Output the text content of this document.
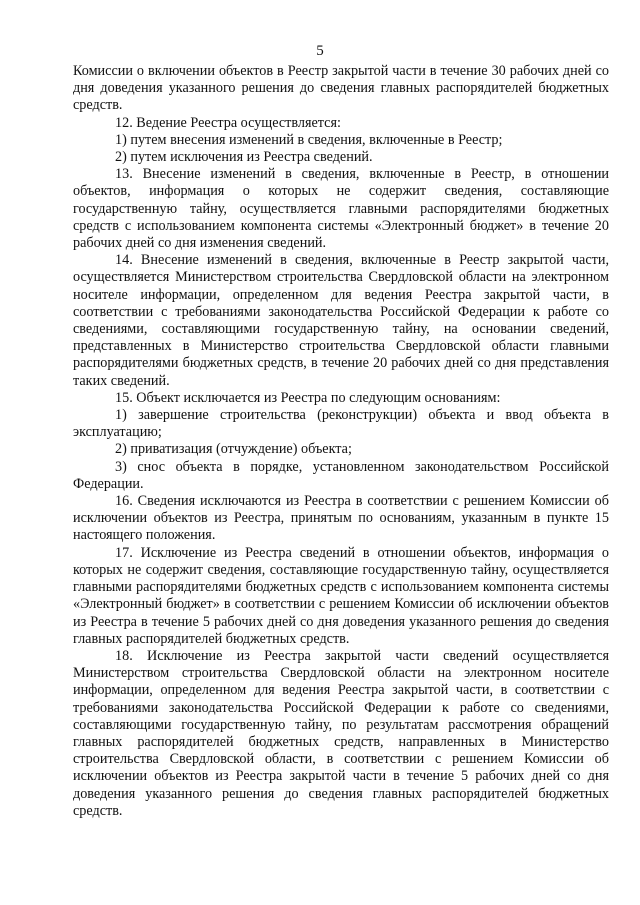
5

Комиссии о включении объектов в Реестр закрытой части в течение 30 рабочих дней со дня доведения указанного решения до сведения главных распорядителей бюджетных средств.

12. Ведение Реестра осуществляется:

1) путем внесения изменений в сведения, включенные в Реестр;

2) путем исключения из Реестра сведений.

13. Внесение изменений в сведения, включенные в Реестр, в отношении объектов, информация о которых не содержит сведения, составляющие государственную тайну, осуществляется главными распорядителями бюджетных средств с использованием компонента системы «Электронный бюджет» в течение 20 рабочих дней со дня изменения сведений.

14. Внесение изменений в сведения, включенные в Реестр закрытой части, осуществляется Министерством строительства Свердловской области на электронном носителе информации, определенном для ведения Реестра закрытой части, в соответствии с требованиями законодательства Российской Федерации к работе со сведениями, составляющими государственную тайну, на основании сведений, представленных в Министерство строительства Свердловской области главными распорядителями бюджетных средств, в течение 20 рабочих дней со дня представления таких сведений.

15. Объект исключается из Реестра по следующим основаниям:

1) завершение строительства (реконструкции) объекта и ввод объекта в эксплуатацию;

2) приватизация (отчуждение) объекта;

3) снос объекта в порядке, установленном законодательством Российской Федерации.

16. Сведения исключаются из Реестра в соответствии с решением Комиссии об исключении объектов из Реестра, принятым по основаниям, указанным в пункте 15 настоящего положения.

17. Исключение из Реестра сведений в отношении объектов, информация о которых не содержит сведения, составляющие государственную тайну, осуществляется главными распорядителями бюджетных средств с использованием компонента системы «Электронный бюджет» в соответствии с решением Комиссии об исключении объектов из Реестра в течение 5 рабочих дней со дня доведения указанного решения до сведения главных распорядителей бюджетных средств.

18. Исключение из Реестра закрытой части сведений осуществляется Министерством строительства Свердловской области на электронном носителе информации, определенном для ведения Реестра закрытой части, в соответствии с требованиями законодательства Российской Федерации к работе со сведениями, составляющими государственную тайну, по результатам рассмотрения обращений главных распорядителей бюджетных средств, направленных в Министерство строительства Свердловской области, в соответствии с решением Комиссии об исключении объектов из Реестра закрытой части в течение 5 рабочих дней со дня доведения указанного решения до сведения главных распорядителей бюджетных средств.
